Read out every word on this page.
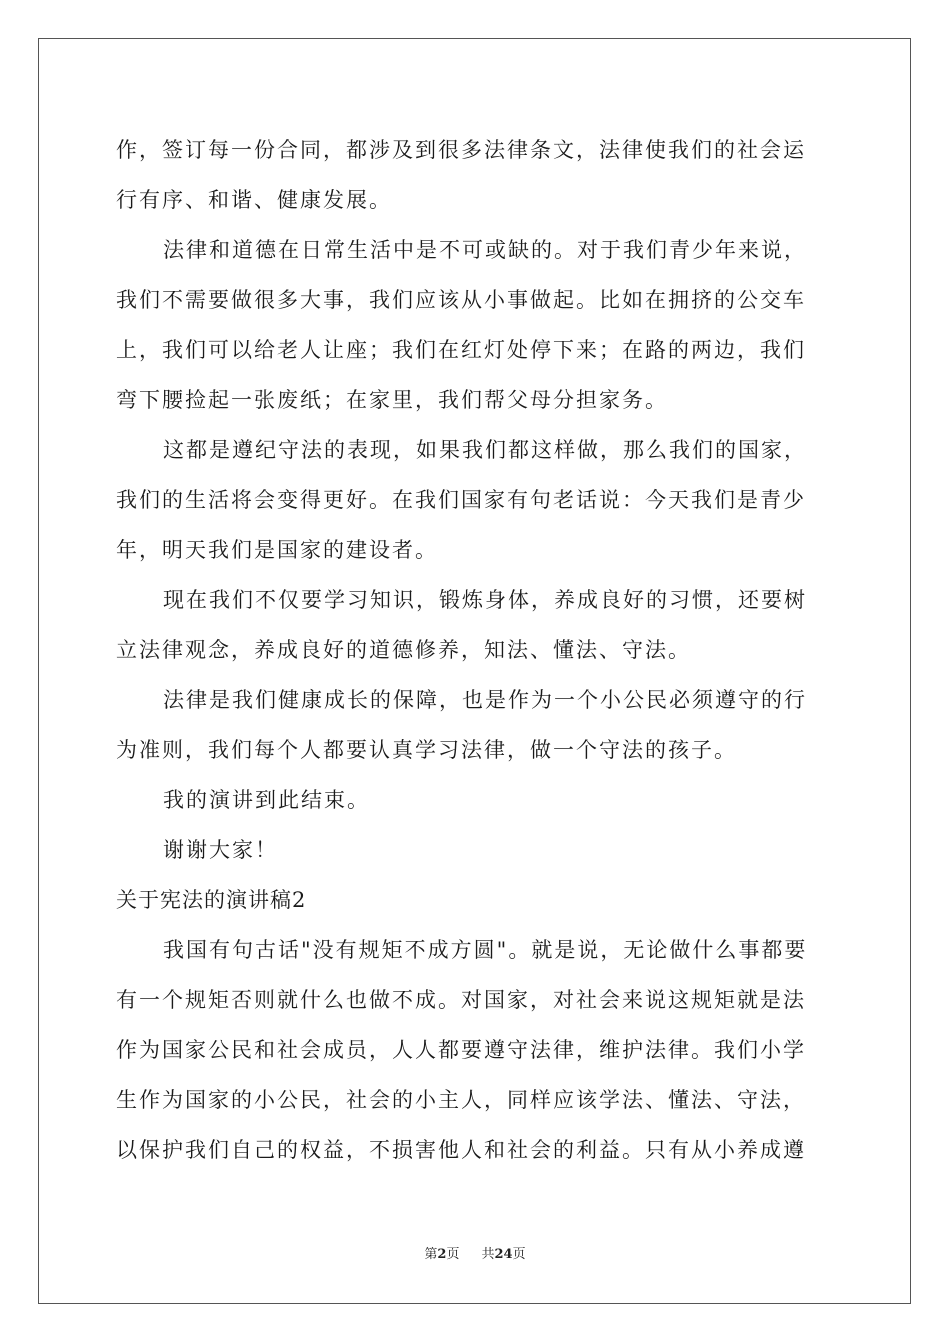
作，签订每一份合同，都涉及到很多法律条文，法律使我们的社会运
行有序、和谐、健康发展。
法律和道德在日常生活中是不可或缺的。对于我们青少年来说，
我们不需要做很多大事，我们应该从小事做起。比如在拥挤的公交车
上，我们可以给老人让座；我们在红灯处停下来；在路的两边，我们
弯下腰捡起一张废纸；在家里，我们帮父母分担家务。
这都是遵纪守法的表现，如果我们都这样做，那么我们的国家，
我们的生活将会变得更好。在我们国家有句老话说：今天我们是青少
年，明天我们是国家的建设者。
现在我们不仅要学习知识，锻炼身体，养成良好的习惯，还要树
立法律观念，养成良好的道德修养，知法、懂法、守法。
法律是我们健康成长的保障，也是作为一个小公民必须遵守的行
为准则，我们每个人都要认真学习法律，做一个守法的孩子。
我的演讲到此结束。
谢谢大家！
关于宪法的演讲稿2
我国有句古话"没有规矩不成方圆"。就是说，无论做什么事都要
有一个规矩否则就什么也做不成。对国家，对社会来说这规矩就是法
作为国家公民和社会成员，人人都要遵守法律，维护法律。我们小学
生作为国家的小公民，社会的小主人，同样应该学法、懂法、守法，
以保护我们自己的权益，不损害他人和社会的利益。只有从小养成遵
第2页 共24页
